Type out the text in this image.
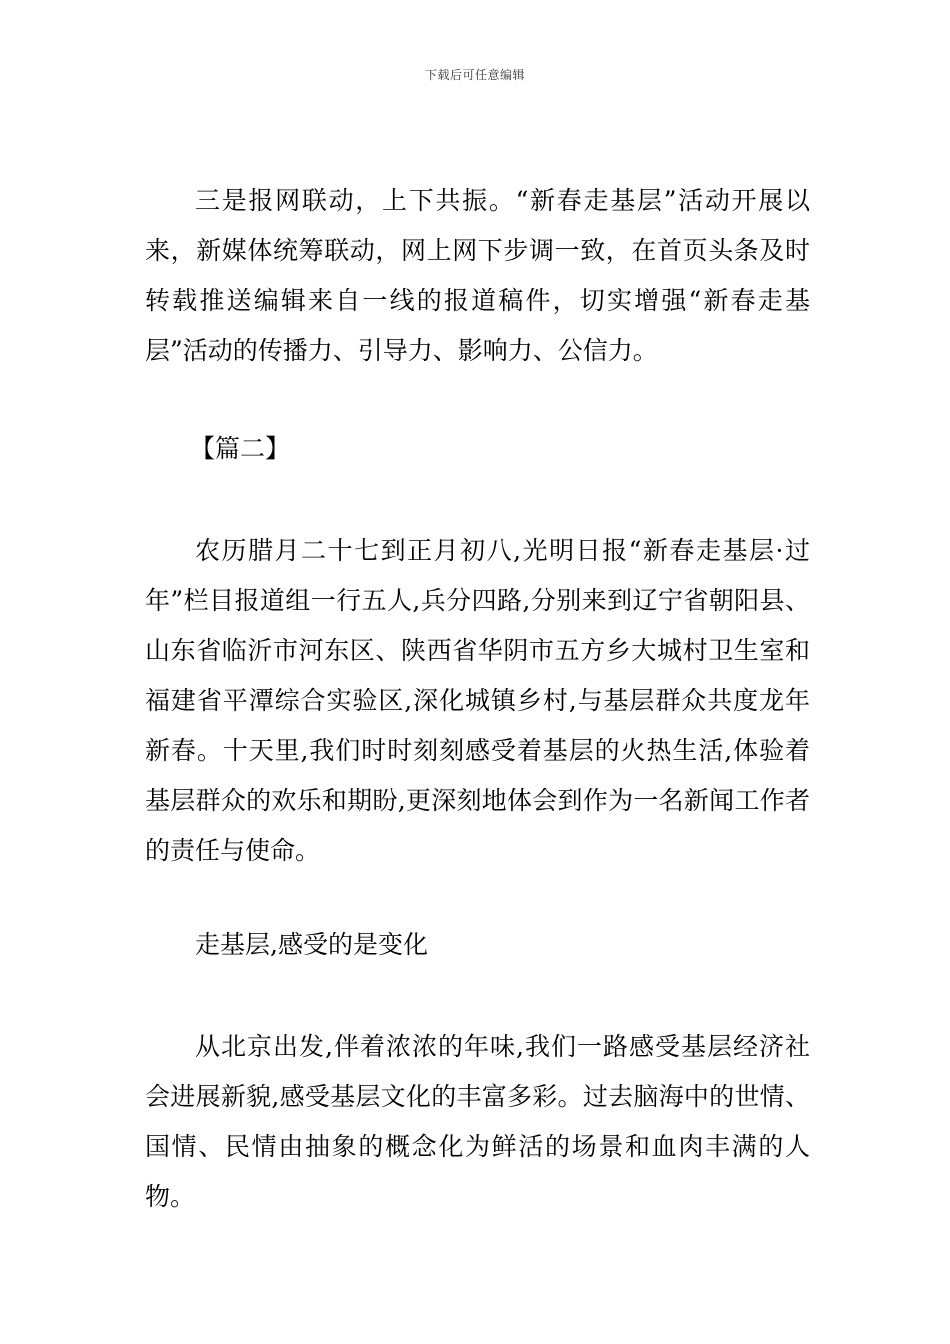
下载后可任意编辑
三是报网联动，上下共振。“新春走基层”活动开展以来，新媒体统筹联动，网上网下步调一致，在首页头条及时转载推送编辑来自一线的报道稿件，切实增强“新春走基层”活动的传播力、引导力、影响力、公信力。
【篇二】
农历腊月二十七到正月初八,光明日报“新春走基层·过年”栏目报道组一行五人,兵分四路,分别来到辽宁省朝阳县、山东省临沂市河东区、陕西省华阴市五方乡大城村卫生室和福建省平潭综合实验区,深化城镇乡村,与基层群众共度龙年新春。十天里,我们时时刻刻感受着基层的火热生活,体验着基层群众的欢乐和期盼,更深刻地体会到作为一名新闻工作者的责任与使命。
走基层,感受的是变化
从北京出发,伴着浓浓的年味,我们一路感受基层经济社会进展新貌,感受基层文化的丰富多彩。过去脑海中的世情、国情、民情由抽象的概念化为鲜活的场景和血肉丰满的人物。
